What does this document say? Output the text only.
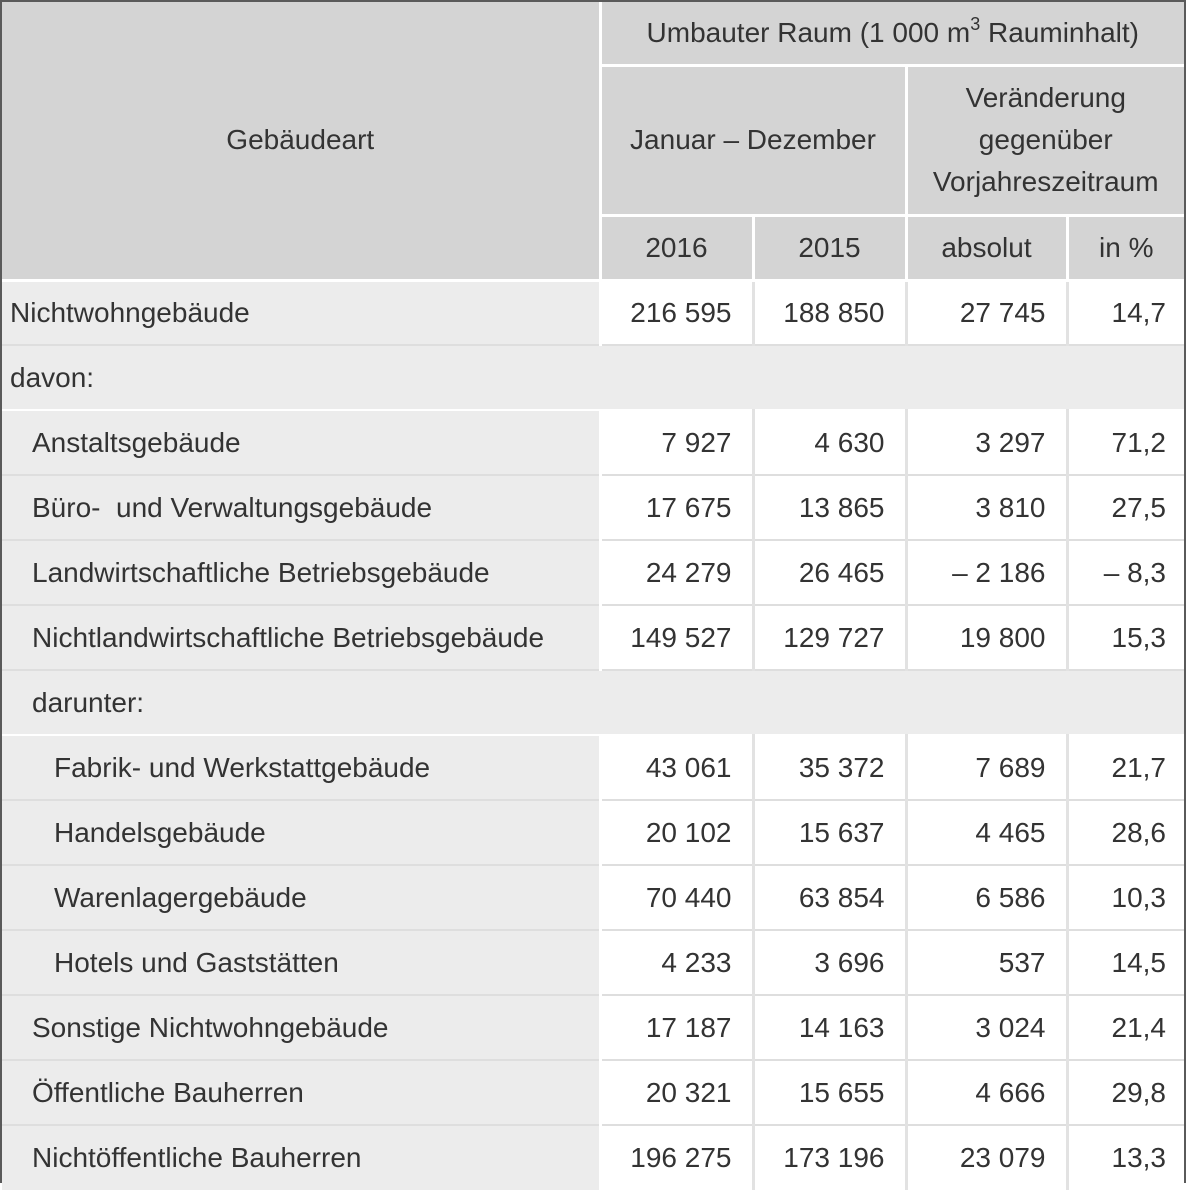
Gebäudeart	Umbauter Raum (1 000 $m^3$ Rauminhalt)			
	Januar – Dezember		Veränderung
gegenüber
Vorjahreszeitraum	

	2016	2015	absolut	in %
Nichtwohngebäude	216 595	188 850	27 745	14,7
davon:				
Anstaltsgebäude	7 927	4 630	3 297	71,2
Büro-  und Verwaltungsgebäude	17 675	13 865	3 810	27,5
Landwirtschaftliche Betriebsgebäude	24 279	26 465	– 2 186	– 8,3
Nichtlandwirtschaftliche Betriebsgebäude	149 527	129 727	19 800	15,3
darunter:				
Fabrik- und Werkstattgebäude	43 061	35 372	7 689	21,7
Handelsgebäude	20 102	15 637	4 465	28,6
Warenlagergebäude	70 440	63 854	6 586	10,3
Hotels und Gaststätten	4 233	3 696	537	14,5
Sonstige Nichtwohngebäude	17 187	14 163	3 024	21,4
Öffentliche Bauherren	20 321	15 655	4 666	29,8
Nichtöffentliche Bauherren	196 275	173 196	23 079	13,3
